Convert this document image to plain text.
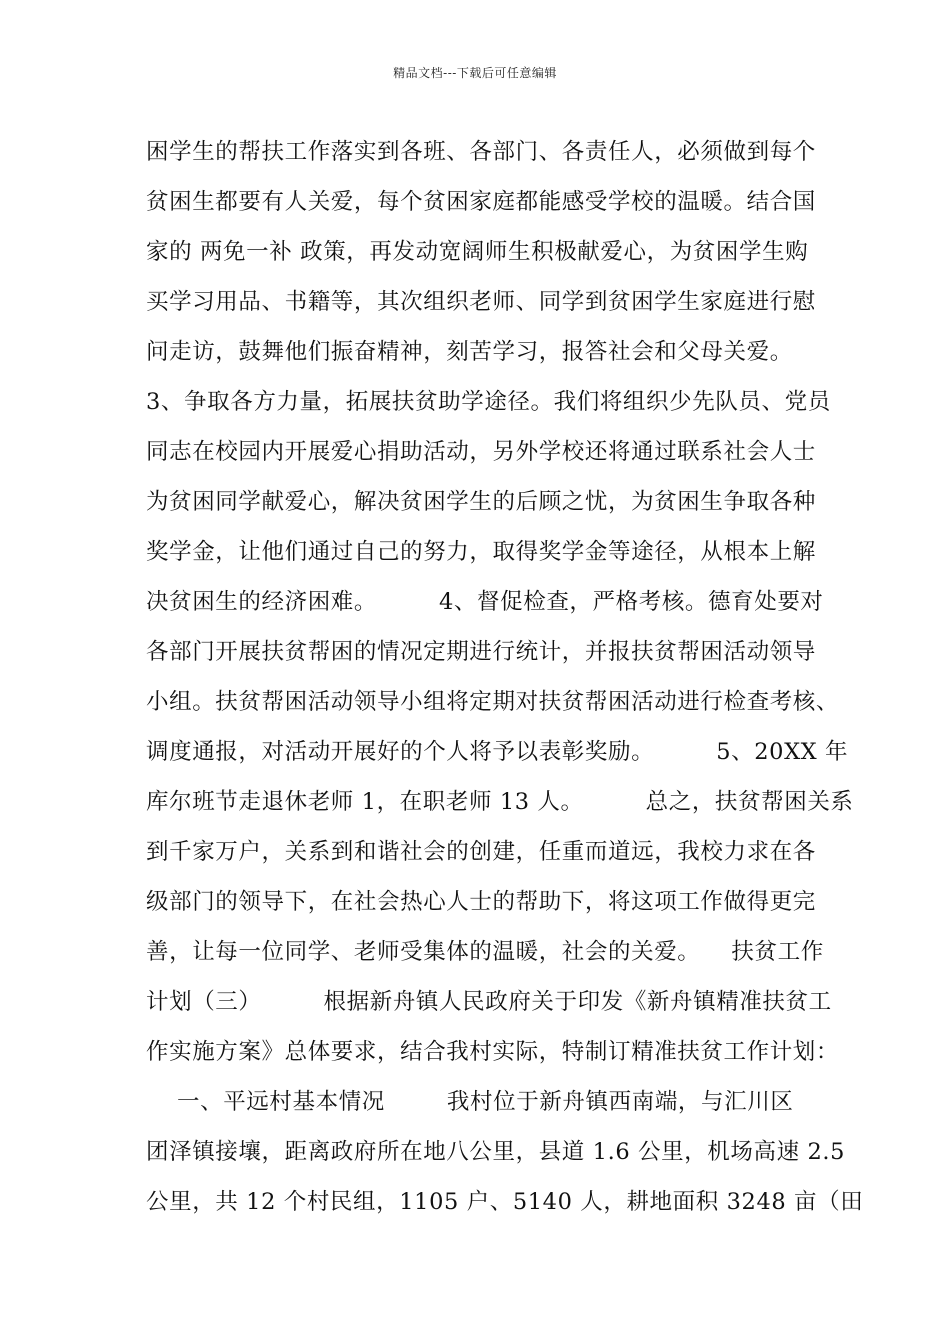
精品文档---下载后可任意编辑
困学生的帮扶工作落实到各班、各部门、各责任人，必须做到每个
贫困生都要有人关爱，每个贫困家庭都能感受学校的温暖。结合国
家的 两免一补 政策，再发动宽阔师生积极献爱心，为贫困学生购
买学习用品、书籍等，其次组织老师、同学到贫困学生家庭进行慰
问走访，鼓舞他们振奋精神，刻苦学习，报答社会和父母关爱。
3、争取各方力量，拓展扶贫助学途径。我们将组织少先队员、党员
同志在校园内开展爱心捐助活动，另外学校还将通过联系社会人士
为贫困同学献爱心，解决贫困学生的后顾之忧，为贫困生争取各种
奖学金，让他们通过自己的努力，取得奖学金等途径，从根本上解
决贫困生的经济困难。        4、督促检查，严格考核。德育处要对
各部门开展扶贫帮困的情况定期进行统计，并报扶贫帮困活动领导
小组。扶贫帮困活动领导小组将定期对扶贫帮困活动进行检查考核、
调度通报，对活动开展好的个人将予以表彰奖励。        5、20XX 年
库尔班节走退休老师 1，在职老师 13 人。        总之，扶贫帮困关系
到千家万户，关系到和谐社会的创建，任重而道远，我校力求在各
级部门的领导下，在社会热心人士的帮助下，将这项工作做得更完
善，让每一位同学、老师受集体的温暖，社会的关爱。    扶贫工作
计划（三）        根据新舟镇人民政府关于印发《新舟镇精准扶贫工
作实施方案》总体要求，结合我村实际，特制订精准扶贫工作计划：
一、平远村基本情况        我村位于新舟镇西南端，与汇川区
团泽镇接壤，距离政府所在地八公里，县道 1.6 公里，机场高速 2.5
公里，共 12 个村民组，1105 户、5140 人，耕地面积 3248 亩（田
